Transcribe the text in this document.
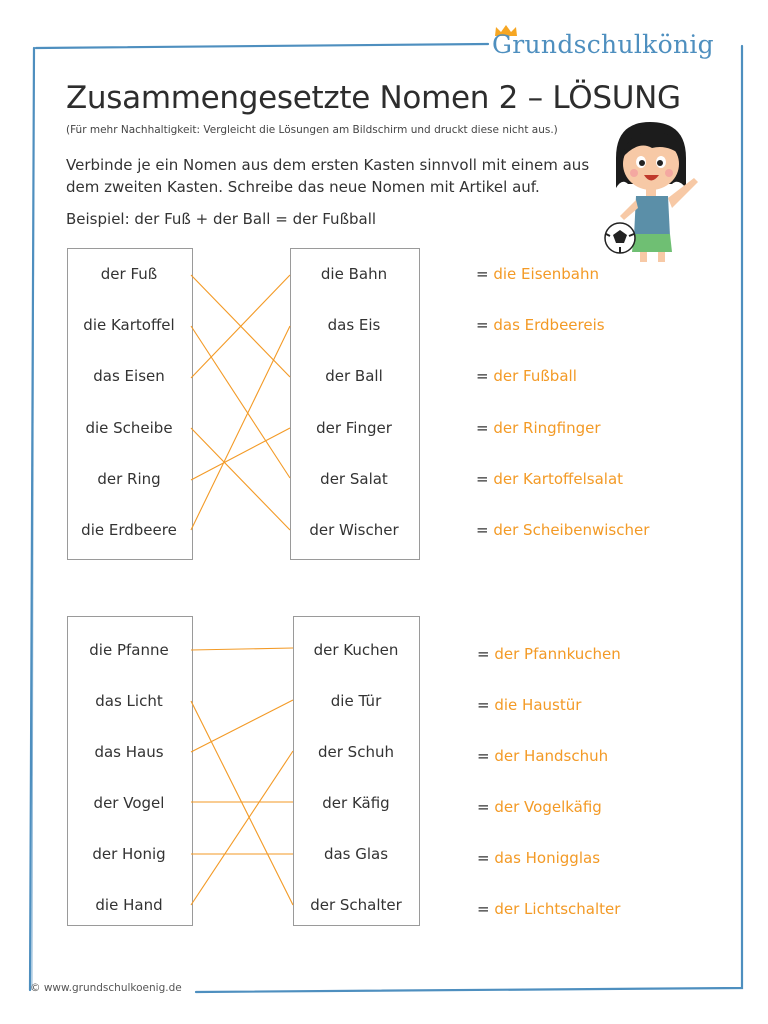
Grundschulkönig
Zusammengesetzte Nomen 2 – LÖSUNG
(Für mehr Nachhaltigkeit: Vergleicht die Lösungen am Bildschirm und druckt diese nicht aus.)
Verbinde je ein Nomen aus dem ersten Kasten sinnvoll mit einem aus dem zweiten Kasten. Schreibe das neue Nomen mit Artikel auf.
Beispiel: der Fuß + der Ball = der Fußball
der Fuß
die Kartoffel
das Eisen
die Scheibe
der Ring
die Erdbeere
die Bahn
das Eis
der Ball
der Finger
der Salat
der Wischer
= die Eisenbahn
= das Erdbeereis
= der Fußball
= der Ringfinger
= der Kartoffelsalat
= der Scheibenwischer
die Pfanne
das Licht
das Haus
der Vogel
der Honig
die Hand
der Kuchen
die Tür
der Schuh
der Käfig
das Glas
der Schalter
= der Pfannkuchen
= die Haustür
= der Handschuh
= der Vogelkäfig
= das Honigglas
= der Lichtschalter
© www.grundschulkoenig.de
